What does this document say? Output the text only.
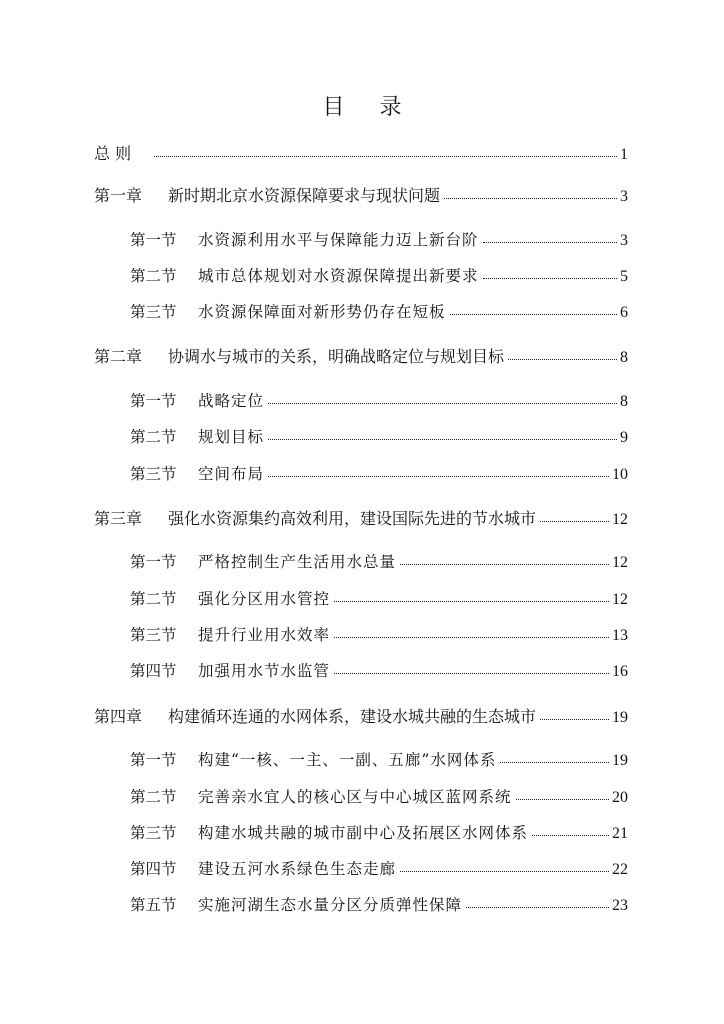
目 录
总 则	1
第一章	新时期北京水资源保障要求与现状问题	3
第一节	水资源利用水平与保障能力迈上新台阶	3
第二节	城市总体规划对水资源保障提出新要求	5
第三节	水资源保障面对新形势仍存在短板	6
第二章	协调水与城市的关系，明确战略定位与规划目标	8
第一节	战略定位	8
第二节	规划目标	9
第三节	空间布局	10
第三章	强化水资源集约高效利用，建设国际先进的节水城市	12
第一节	严格控制生产生活用水总量	12
第二节	强化分区用水管控	12
第三节	提升行业用水效率	13
第四节	加强用水节水监管	16
第四章	构建循环连通的水网体系，建设水城共融的生态城市	19
第一节	构建“一核、一主、一副、五廊”水网体系	19
第二节	完善亲水宜人的核心区与中心城区蓝网系统	20
第三节	构建水城共融的城市副中心及拓展区水网体系	21
第四节	建设五河水系绿色生态走廊	22
第五节	实施河湖生态水量分区分质弹性保障	23
